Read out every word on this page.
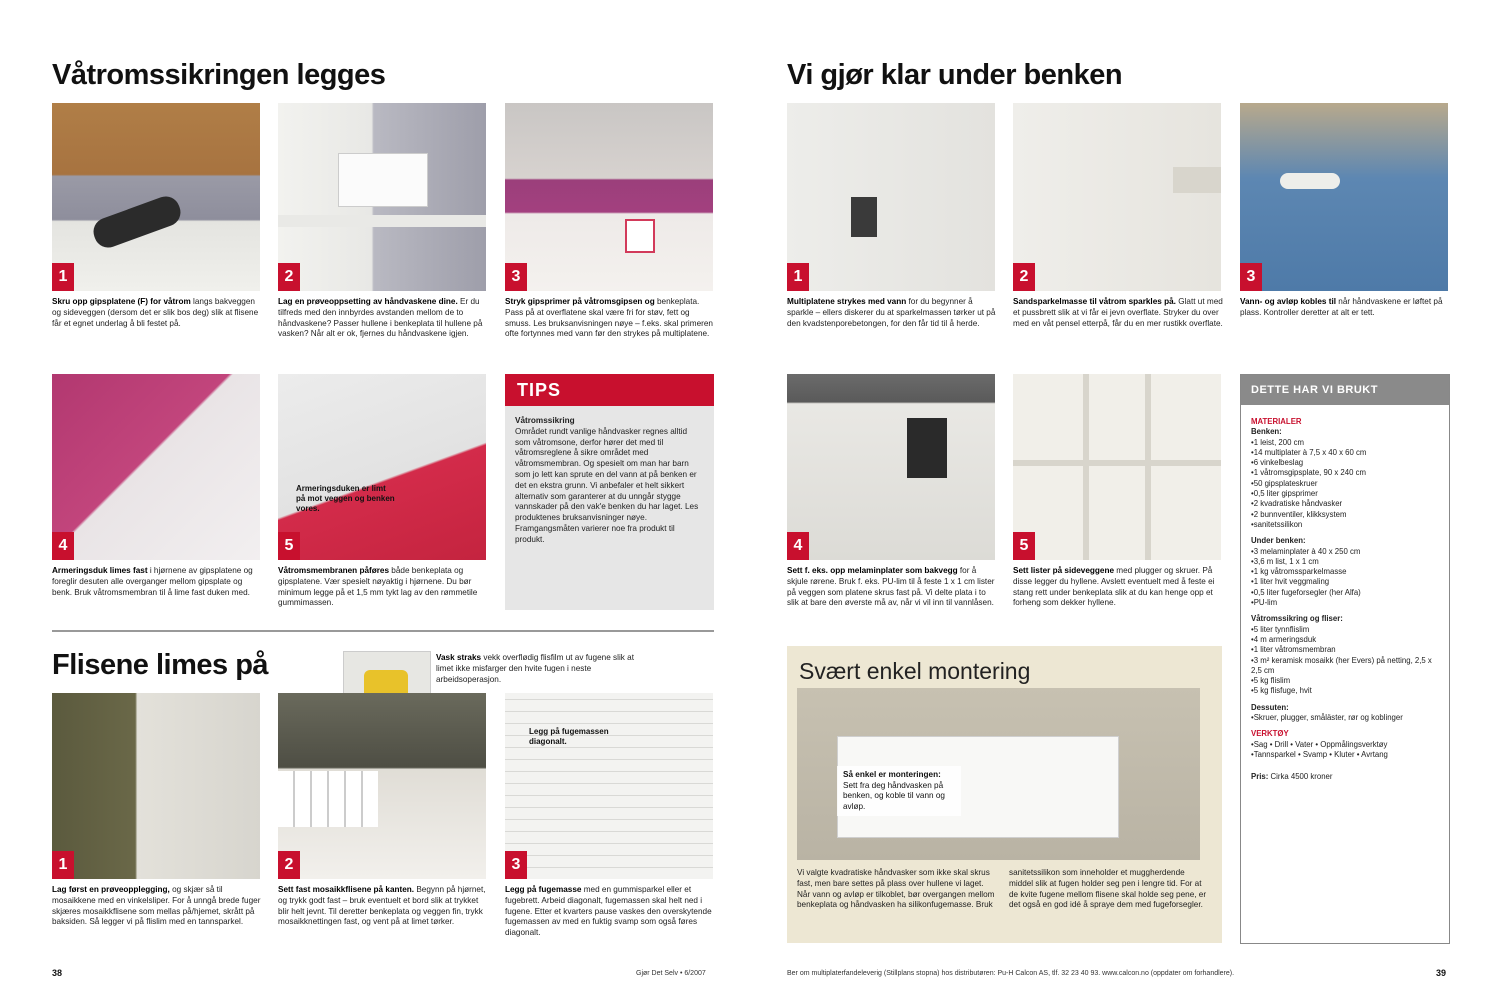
Våtromssikringen legges
1	2	3
Skru opp gipsplatene (F) for våtrom langs bakveggen og sideveggen (dersom det er slik bos deg) slik at flisene får et egnet underlag å bli festet på.
Lag en prøveoppsetting av håndvaskene dine. Er du tilfreds med den innbyrdes avstanden mellom de to håndvaskene? Passer hullene i benkeplata til hullene på vasken? Når alt er ok, fjernes du håndvaskene igjen.
Stryk gipsprimer på våtromsgipsen og benkeplata. Pass på at overflatene skal være fri for støv, fett og smuss. Les bruksanvisningen nøye – f.eks. skal primeren ofte fortynnes med vann før den strykes på multiplatene.
4
Armeringsduken er limt på mot veggen og benken vores.
5
Armeringsduk limes fast i hjørnene av gipsplatene og foreglir desuten alle overganger mellom gipsplate og benk. Bruk våtromsmembran til å lime fast duken med.
Våtromsmembranen påføres både benkeplata og gipsplatene. Vær spesielt nøyaktig i hjørnene. Du bør minimum legge på et 1,5 mm tykt lag av den rømmetile gummimassen.
TIPS
Våtromssikring
Området rundt vanlige håndvasker regnes alltid som våtromsone, derfor hører det med til våtromsreglene å sikre området med våtromsmembran. Og spesielt om man har barn som jo lett kan sprute en del vann at på benken er det en ekstra grunn. Vi anbefaler et helt sikkert alternativ som garanterer at du unngår stygge vannskader på den vak'e benken du har laget. Les produktenes bruksanvisninger nøye. Framgangsmåten varierer noe fra produkt til produkt.
Flisene limes på	Vask straks vekk overflødig flisfilm ut av fugene slik at limet ikke misfarger den hvite fugen i neste arbeidsoperasjon.
1	2
Legg på fugemassen diagonalt.
3
Lag først en prøveopplegging, og skjær så til mosaikkene med en vinkelsliper. For å unngå brede fuger skjæres mosaikkflisene som mellas på/hjemet, skrått på baksiden. Så legger vi på flislim med en tannsparkel.
Sett fast mosaikkflisene på kanten. Begynn på hjørnet, og trykk godt fast – bruk eventuelt et bord slik at trykket blir helt jevnt. Til deretter benkeplata og veggen fin, trykk mosaikknettingen fast, og vent på at limet tørker.
Legg på fugemasse med en gummisparkel eller et fugebrett. Arbeid diagonalt, fugemassen skal helt ned i fugene. Etter et kvarters pause vaskes den overskytende fugemassen av med en fuktig svamp som også føres diagonalt.
38	Gjør Det Selv • 6/2007
Vi gjør klar under benken
1	2	3
Multiplatene strykes med vann for du begynner å sparkle – ellers diskerer du at sparkelmassen tørker ut på den kvadstenporebetongen, for den får tid til å herde.
Sandsparkelmasse til våtrom sparkles på. Glatt ut med et pussbrett slik at vi får ei jevn overflate. Stryker du over med en våt pensel etterpå, får du en mer rustikk overflate.
Vann- og avløp kobles til når håndvaskene er løftet på plass. Kontroller deretter at alt er tett.
4	5
Sett f. eks. opp melaminplater som bakvegg for å skjule rørene. Bruk f. eks. PU-lim til å feste 1 x 1 cm lister på veggen som platene skrus fast på. Vi delte plata i to slik at bare den øverste må av, når vi vil inn til vannlåsen.
Sett lister på sideveggene med plugger og skruer. På disse legger du hyllene. Avslett eventuelt med å feste ei stang rett under benkeplata slik at du kan henge opp et forheng som dekker hyllene.
Svært enkel montering
Så enkel er monteringen:
Sett fra deg håndvasken på benken, og koble til vann og avløp.
Vi valgte kvadratiske håndvasker som ikke skal skrus fast, men bare settes på plass over hullene vi laget. Når vann og avløp er tilkoblet, bør overgangen mellom benkeplata og håndvasken ha silikonfugemasse. Bruk
sanitetssilikon som inneholder et muggherdende middel slik at fugen holder seg pen i lengre tid. For at de kvite fugene mellom flisene skal holde seg pene, er det også en god idé å spraye dem med fugeforsegler.
DETTE HAR VI BRUKT
MATERIALER
Benken:
• 1 leist, 200 cm
• 14 multiplater à 7,5 x 40 x 60 cm
• 6 vinkelbeslag
• 1 våtromsgipsplate, 90 x 240 cm
• 50 gipsplateskruer
• 0,5 liter gipsprimer
• 2 kvadratiske håndvasker
• 2 bunnventiler, klikksystem
• sanitetssilikon
Under benken:
• 3 melaminplater à 40 x 250 cm
• 3,6 m list, 1 x 1 cm
• 1 kg våtromssparkelmasse
• 1 liter hvit veggmaling
• 0,5 liter fugeforsegler (her Alfa)
• PU-lim
Våtromssikring og fliser:
• 5 liter tynnflislim
• 4 m armeringsduk
• 1 liter våtromsmembran
• 3 m² keramisk mosaikk (her Evers) på netting, 2,5 x 2,5 cm
• 5 kg flislim
• 5 kg flisfuge, hvit
Dessuten:
• Skruer, plugger, småläster, rør og koblinger
VERKTØY
• Sag • Drill • Vater • Oppmålingsverktøy
• Tannsparkel • Svamp • Kluter • Avrtang
Pris: Cirka 4500 kroner
Ber om multiplaterfandeleverig (Stillplans stopna) hos distributøren: Pu-H Calcon AS, tlf. 32 23 40 93. www.calcon.no (oppdater om forhandlere).	39
